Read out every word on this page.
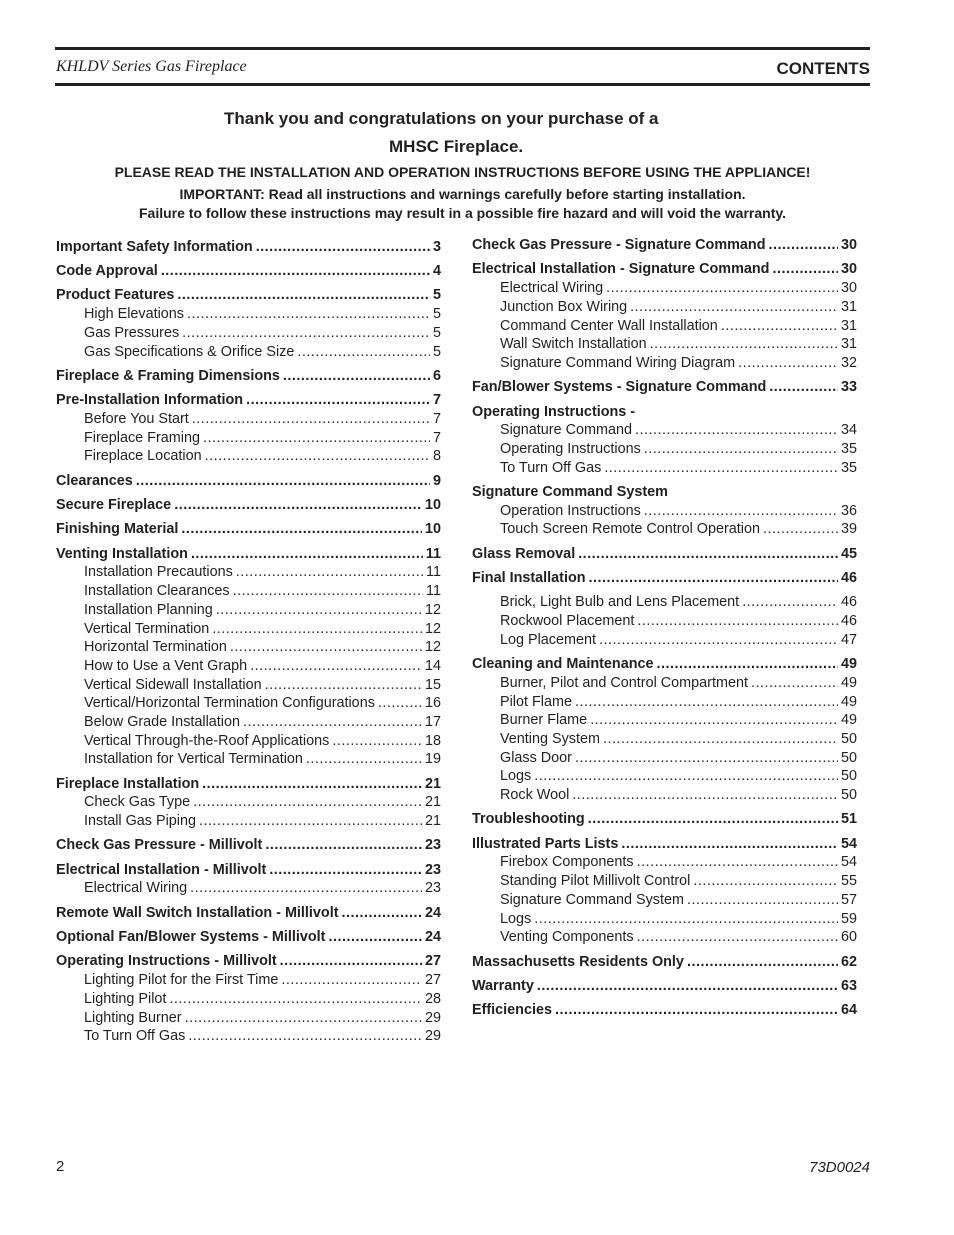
KHLDV Series Gas Fireplace	CONTENTS
Thank you and congratulations on your purchase of a
MHSC Fireplace.
PLEASE READ THE INSTALLATION AND OPERATION INSTRUCTIONS BEFORE USING THE APPLIANCE!
IMPORTANT: Read all instructions and warnings carefully before starting installation.
Failure to follow these instructions may result in a possible fire hazard and will void the warranty.
Important Safety Information .....	3
Code Approval .....	4
Product Features .....	5
High Elevations .....	5
Gas Pressures .....	5
Gas Specifications & Orifice Size .....	5
Fireplace & Framing Dimensions .....	6
Pre-Installation Information .....	7
Before You Start .....	7
Fireplace Framing .....	7
Fireplace Location .....	8
Clearances .....	9
Secure Fireplace .....	10
Finishing Material .....	10
Venting Installation .....	11
Installation Precautions .....	11
Installation Clearances .....	11
Installation Planning .....	12
Vertical Termination .....	12
Horizontal Termination .....	12
How to Use a Vent Graph .....	14
Vertical Sidewall Installation .....	15
Vertical/Horizontal Termination Configurations .....	16
Below Grade Installation .....	17
Vertical Through-the-Roof Applications .....	18
Installation for Vertical Termination .....	19
Fireplace Installation .....	21
Check Gas Type .....	21
Install Gas Piping .....	21
Check Gas Pressure - Millivolt .....	23
Electrical Installation - Millivolt .....	23
Electrical Wiring .....	23
Remote Wall Switch Installation - Millivolt .....	24
Optional Fan/Blower Systems - Millivolt .....	24
Operating Instructions - Millivolt .....	27
Lighting Pilot for the First Time .....	27
Lighting Pilot .....	28
Lighting Burner .....	29
To Turn Off Gas .....	29
Check Gas Pressure - Signature Command .....	30
Electrical Installation - Signature Command .....	30
Electrical Wiring .....	30
Junction Box Wiring .....	31
Command Center Wall Installation .....	31
Wall Switch Installation .....	31
Signature Command Wiring Diagram .....	32
Fan/Blower Systems - Signature Command .....	33
Operating Instructions -
Signature Command .....	34
Operating Instructions .....	35
To Turn Off Gas .....	35
Signature Command System
Operation Instructions .....	36
Touch Screen Remote Control Operation .....	39
Glass Removal .....	45
Final Installation .....	46
Brick, Light Bulb and Lens Placement .....	46
Rockwool Placement .....	46
Log Placement .....	47
Cleaning and Maintenance .....	49
Burner, Pilot and Control Compartment .....	49
Pilot Flame .....	49
Burner Flame .....	49
Venting System .....	50
Glass Door .....	50
Logs .....	50
Rock Wool .....	50
Troubleshooting .....	51
Illustrated Parts Lists .....	54
Firebox Components .....	54
Standing Pilot Millivolt Control .....	55
Signature Command System .....	57
Logs .....	59
Venting Components .....	60
Massachusetts Residents Only .....	62
Warranty .....	63
Efficiencies .....	64
2	73D0024
